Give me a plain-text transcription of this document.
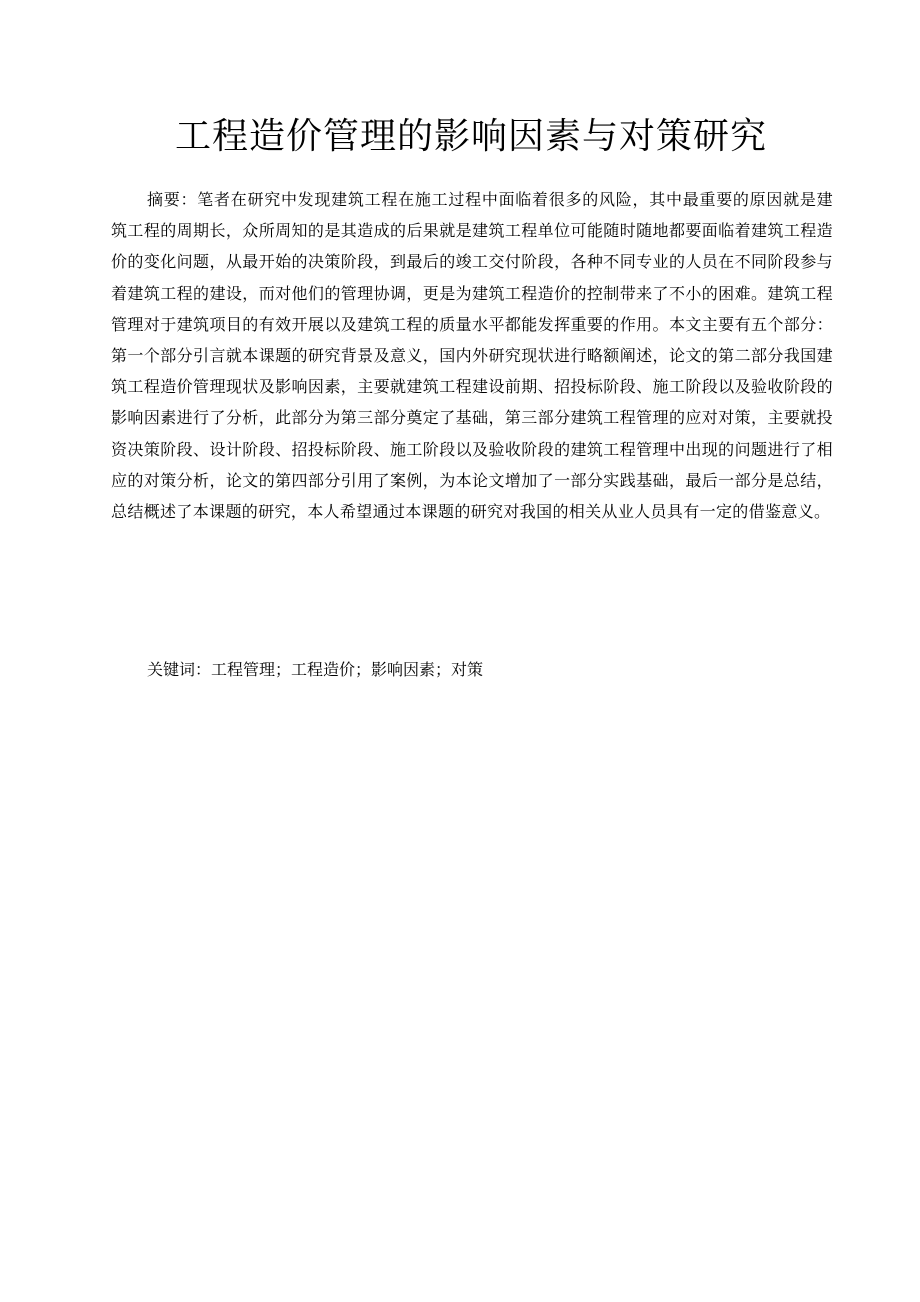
工程造价管理的影响因素与对策研究

摘要：笔者在研究中发现建筑工程在施工过程中面临着很多的风险，其中最重要的原因就是建筑工程的周期长，众所周知的是其造成的后果就是建筑工程单位可能随时随地都要面临着建筑工程造价的变化问题，从最开始的决策阶段，到最后的竣工交付阶段，各种不同专业的人员在不同阶段参与着建筑工程的建设，而对他们的管理协调，更是为建筑工程造价的控制带来了不小的困难。建筑工程管理对于建筑项目的有效开展以及建筑工程的质量水平都能发挥重要的作用。本文主要有五个部分：第一个部分引言就本课题的研究背景及意义，国内外研究现状进行略额阐述，论文的第二部分我国建筑工程造价管理现状及影响因素，主要就建筑工程建设前期、招投标阶段、施工阶段以及验收阶段的影响因素进行了分析，此部分为第三部分奠定了基础，第三部分建筑工程管理的应对对策，主要就投资决策阶段、设计阶段、招投标阶段、施工阶段以及验收阶段的建筑工程管理中出现的问题进行了相应的对策分析，论文的第四部分引用了案例，为本论文增加了一部分实践基础，最后一部分是总结，总结概述了本课题的研究，本人希望通过本课题的研究对我国的相关从业人员具有一定的借鉴意义。

关键词：工程管理；工程造价；影响因素；对策
